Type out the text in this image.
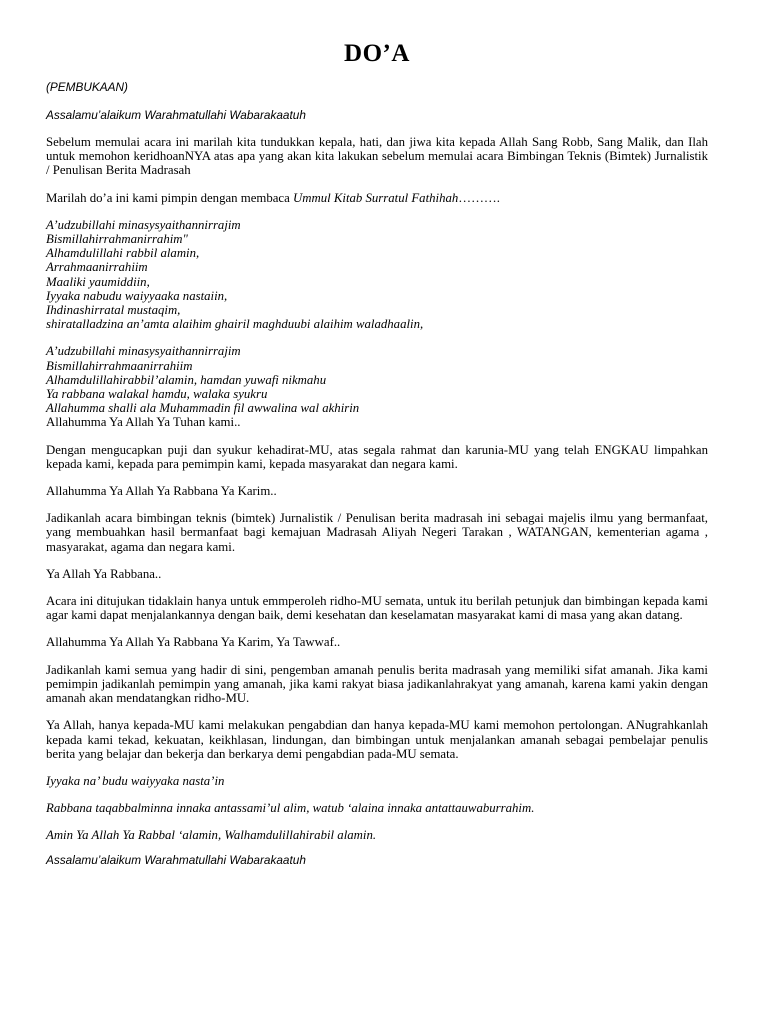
DO’A

(PEMBUKAAN)

Assalamu’alaikum Warahmatullahi Wabarakaatuh

Sebelum memulai acara ini marilah kita tundukkan kepala, hati, dan jiwa kita kepada Allah Sang Robb, Sang Malik, dan Ilah untuk memohon keridhoanNYA atas apa yang akan kita lakukan sebelum memulai acara Bimbingan Teknis (Bimtek) Jurnalistik / Penulisan Berita Madrasah

Marilah do’a ini kami pimpin dengan membaca Ummul Kitab Surratul Fathihah……….

A’udzubillahi minasysyaithannirrajim
Bismillahirrahmanirrahim"
Alhamdulillahi rabbil alamin,
Arrahmaanirrahiim
Maaliki yaumiddiin,
Iyyaka nabudu waiyyaaka nastaiin,
Ihdinashirratal mustaqim,
shiratalladzina an’amta alaihim ghairil maghduubi alaihim waladhaalin,
A’udzubillahi minasysyaithannirrajim
Bismillahirrahmaanirrahiim
Alhamdulillahirabbil’alamin, hamdan yuwafi nikmahu
Ya rabbana walakal hamdu, walaka syukru
Allahumma shalli ala Muhammadin fil awwalina wal akhirin
Allahumma Ya Allah Ya Tuhan kami..

Dengan mengucapkan puji dan syukur kehadirat-MU, atas segala rahmat dan karunia-MU yang telah ENGKAU limpahkan kepada kami, kepada para pemimpin kami, kepada masyarakat dan negara kami.

Allahumma Ya Allah Ya Rabbana Ya Karim..

Jadikanlah acara bimbingan teknis (bimtek) Jurnalistik / Penulisan berita madrasah ini sebagai majelis ilmu yang bermanfaat, yang membuahkan hasil bermanfaat bagi kemajuan Madrasah Aliyah Negeri Tarakan , WATANGAN, kementerian agama , masyarakat, agama dan negara kami.

Ya Allah Ya Rabbana..

Acara ini ditujukan tidaklain hanya untuk emmperoleh ridho-MU semata, untuk itu berilah petunjuk dan bimbingan kepada kami agar kami dapat menjalankannya dengan baik, demi kesehatan dan keselamatan masyarakat kami di masa yang akan datang.

Allahumma Ya Allah Ya Rabbana Ya Karim, Ya Tawwaf..

Jadikanlah kami semua yang hadir di sini, pengemban amanah penulis berita madrasah yang memiliki sifat amanah. Jika kami pemimpin jadikanlah pemimpin yang amanah, jika kami rakyat biasa jadikanlahrakyat yang amanah, karena kami yakin dengan amanah akan mendatangkan ridho-MU.

Ya Allah, hanya kepada-MU kami melakukan pengabdian dan hanya kepada-MU kami memohon pertolongan. ANugrahkanlah kepada kami tekad, kekuatan, keikhlasan, lindungan, dan bimbingan untuk menjalankan amanah sebagai pembelajar penulis berita yang belajar dan bekerja dan berkarya demi pengabdian pada-MU semata.

Iyyaka na’ budu waiyyaka nasta’in

Rabbana taqabbalminna innaka antassami’ul alim, watub ‘alaina innaka antattauwaburrahim.

Amin Ya Allah Ya Rabbal ‘alamin, Walhamdulillahirabil alamin.

Assalamu’alaikum Warahmatullahi Wabarakaatuh
